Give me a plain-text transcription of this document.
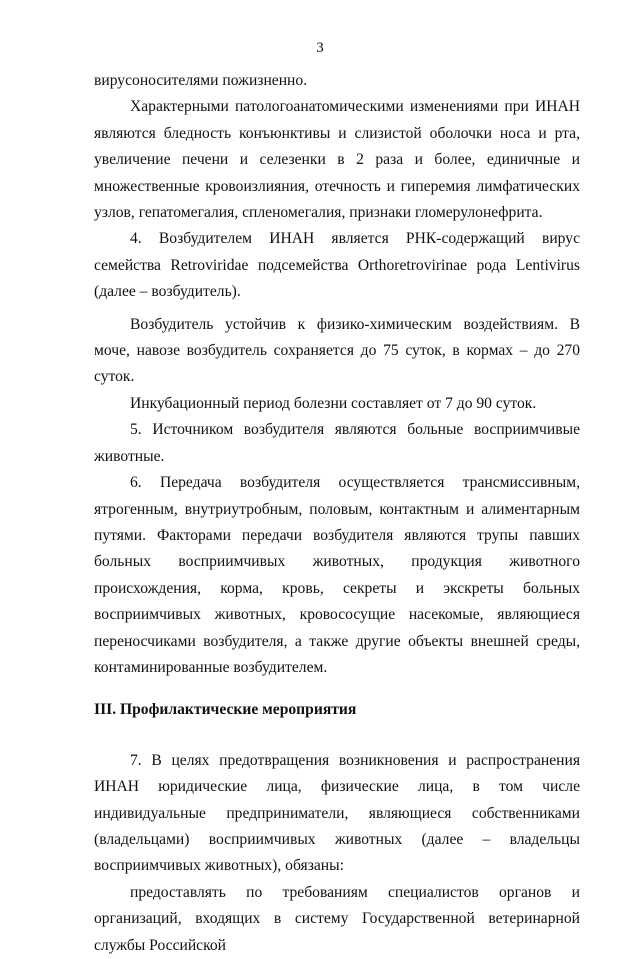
3

вирусоносителями пожизненно.

Характерными патологоанатомическими изменениями при ИНАН являются бледность конъюнктивы и слизистой оболочки носа и рта, увеличение печени и селезенки в 2 раза и более, единичные и множественные кровоизлияния, отечность и гиперемия лимфатических узлов, гепатомегалия, спленомегалия, признаки гломерулонефрита.

4. Возбудителем ИНАН является РНК-содержащий вирус семейства Retroviridae подсемейства Orthoretrovirinae рода Lentivirus (далее – возбудитель).

Возбудитель устойчив к физико-химическим воздействиям. В моче, навозе возбудитель сохраняется до 75 суток, в кормах – до 270 суток.

Инкубационный период болезни составляет от 7 до 90 суток.

5. Источником возбудителя являются больные восприимчивые животные.

6. Передача возбудителя осуществляется трансмиссивным, ятрогенным, внутриутробным, половым, контактным и алиментарным путями. Факторами передачи возбудителя являются трупы павших больных восприимчивых животных, продукция животного происхождения, корма, кровь, секреты и экскреты больных восприимчивых животных, кровососущие насекомые, являющиеся переносчиками возбудителя, а также другие объекты внешней среды, контаминированные возбудителем.

III. Профилактические мероприятия

7. В целях предотвращения возникновения и распространения ИНАН юридические лица, физические лица, в том числе индивидуальные предприниматели, являющиеся собственниками (владельцами) восприимчивых животных (далее – владельцы восприимчивых животных), обязаны:

предоставлять по требованиям специалистов органов и организаций, входящих в систему Государственной ветеринарной службы Российской
